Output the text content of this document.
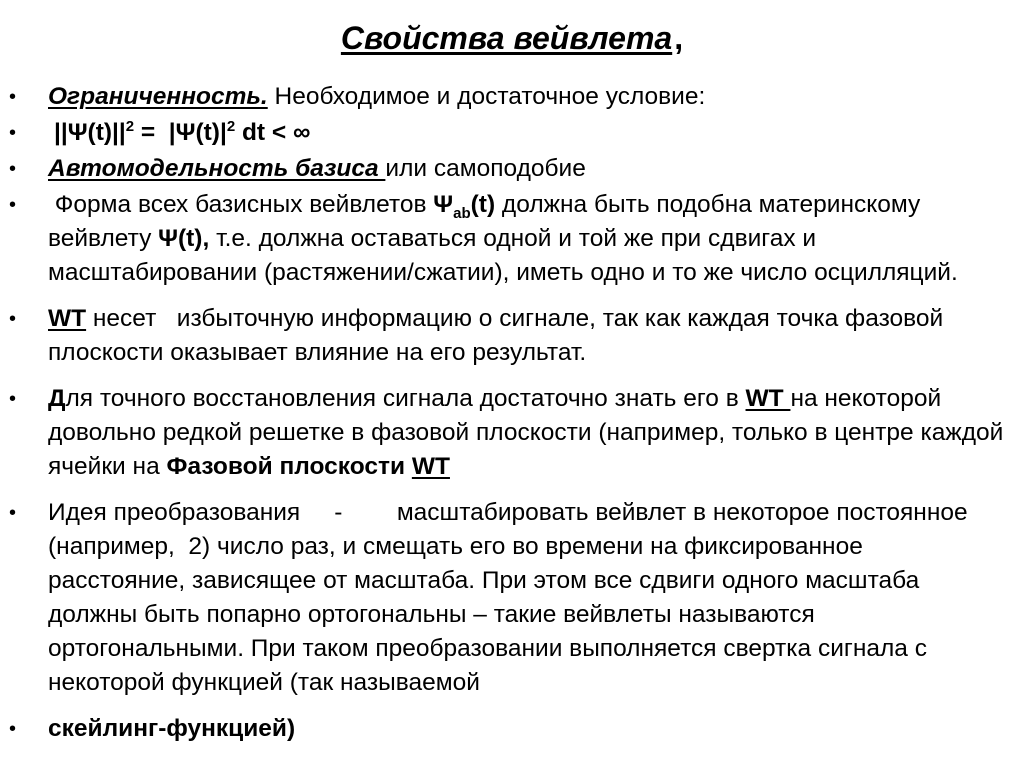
Свойства вейвлета,
• Ограниченность. Необходимое и достаточное условие:
• $||\Psi(t)||^2 = |\Psi(t)|^2$ dt < ∞
• Автомодельность базиса или самоподобие
• Форма всех базисных вейвлетов $\Psi_{ab}(t)$ должна быть подобна материнскому вейвлету Ψ(t), т.е. должна оставаться одной и той же при сдвигах и масштабировании (растяжении/сжатии), иметь одно и то же число осцилляций.
• WT несет   избыточную информацию о сигнале, так как каждая точка фазовой плоскости оказывает влияние на его результат.
• Для точного восстановления сигнала достаточно знать его в WT на некоторой довольно редкой решетке в фазовой плоскости (например, только в центре каждой ячейки на Фазовой плоскости WT
• Идея преобразования     -        масштабировать вейвлет в некоторое постоянное (например,  2) число раз, и смещать его во времени на фиксированное расстояние, зависящее от масштаба. При этом все сдвиги одного масштаба должны быть попарно ортогональны – такие вейвлеты называются ортогональными. При таком преобразовании выполняется свертка сигнала с некоторой функцией (так называемой
• скейлинг-функцией)
